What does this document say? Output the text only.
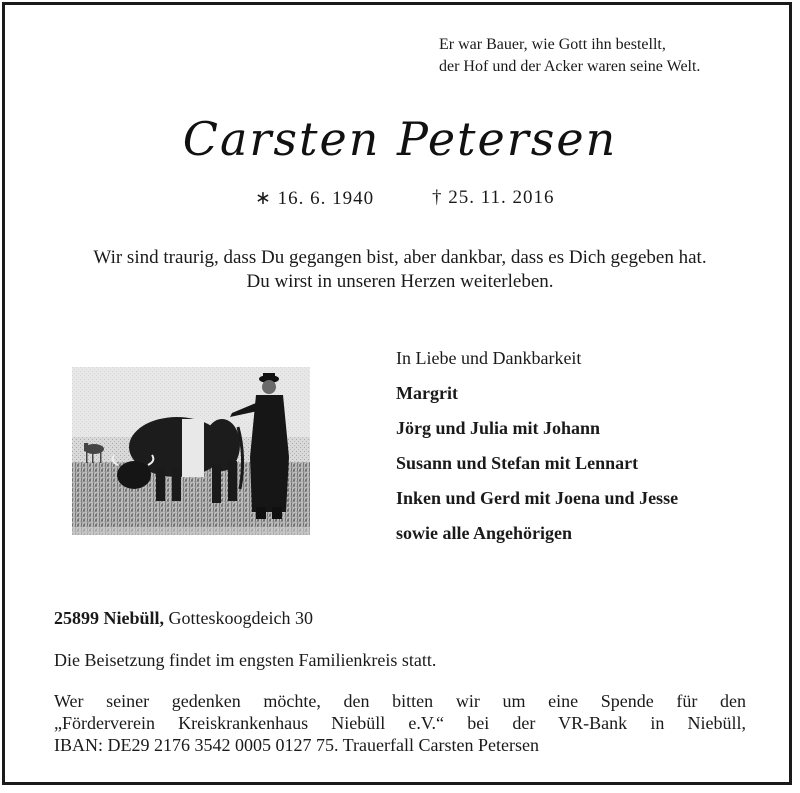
Er war Bauer, wie Gott ihn bestellt,
der Hof und der Acker waren seine Welt.
Carsten Petersen
∗ 16. 6. 1940	† 25. 11. 2016
Wir sind traurig, dass Du gegangen bist, aber dankbar, dass es Dich gegeben hat.
Du wirst in unseren Herzen weiterleben.
In Liebe und Dankbarkeit
Margrit
Jörg und Julia mit Johann
Susann und Stefan mit Lennart
Inken und Gerd mit Joena und Jesse
sowie alle Angehörigen
25899 Niebüll, Gotteskoogdeich 30
Die Beisetzung findet im engsten Familienkreis statt.
Wer seiner gedenken möchte, den bitten wir um eine Spende für den
„Förderverein Kreiskrankenhaus Niebüll e.V.“ bei der VR-Bank in Niebüll,
IBAN: DE29 2176 3542 0005 0127 75. Trauerfall Carsten Petersen
